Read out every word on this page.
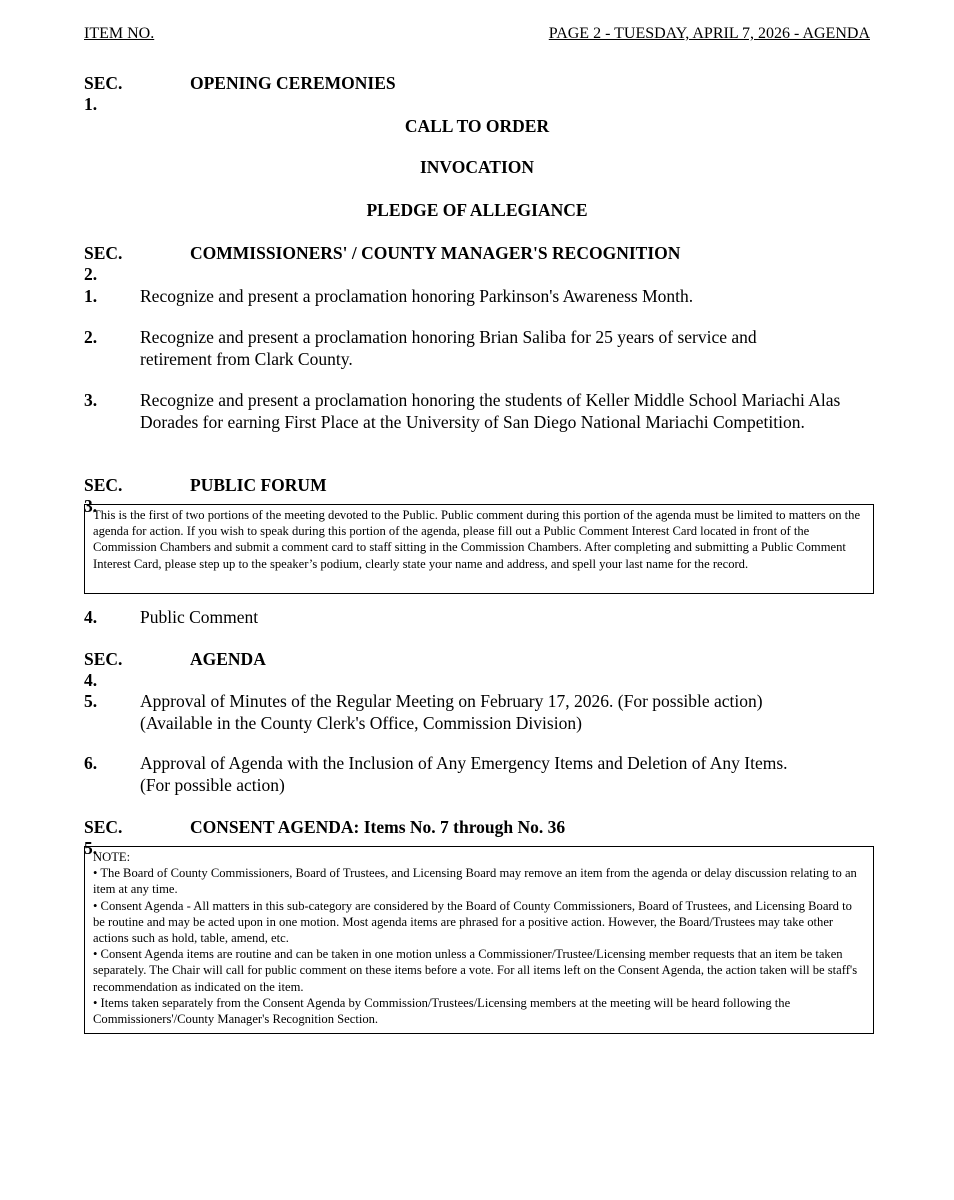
ITEM NO.	PAGE 2 - TUESDAY, APRIL 7, 2026 - AGENDA
SEC. 1.
OPENING CEREMONIES
CALL TO ORDER
INVOCATION
PLEDGE OF ALLEGIANCE
SEC. 2.
COMMISSIONERS' / COUNTY MANAGER'S RECOGNITION
1. Recognize and present a proclamation honoring Parkinson's Awareness Month.
2. Recognize and present a proclamation honoring Brian Saliba for 25 years of service and retirement from Clark County.
3. Recognize and present a proclamation honoring the students of Keller Middle School Mariachi Alas Dorades for earning First Place at the University of San Diego National Mariachi Competition.
SEC. 3.
PUBLIC FORUM

This is the first of two portions of the meeting devoted to the Public. Public comment during this portion of the agenda must be limited to matters on the agenda for action. If you wish to speak during this portion of the agenda, please fill out a Public Comment Interest Card located in front of the Commission Chambers and submit a comment card to staff sitting in the Commission Chambers. After completing and submitting a Public Comment Interest Card, please step up to the speaker’s podium, clearly state your name and address, and spell your last name for the record.

4. Public Comment
SEC. 4.
AGENDA
5. Approval of Minutes of the Regular Meeting on February 17, 2026. (For possible action)
(Available in the County Clerk's Office, Commission Division)
6. Approval of Agenda with the Inclusion of Any Emergency Items and Deletion of Any Items.
(For possible action)
SEC. 5.
CONSENT AGENDA: Items No. 7 through No. 36

NOTE:

• The Board of County Commissioners, Board of Trustees, and Licensing Board may remove an item from the agenda or delay discussion relating to an item at any time.

• Consent Agenda - All matters in this sub-category are considered by the Board of County Commissioners, Board of Trustees, and Licensing Board to be routine and may be acted upon in one motion. Most agenda items are phrased for a positive action. However, the Board/Trustees may take other actions such as hold, table, amend, etc.

• Consent Agenda items are routine and can be taken in one motion unless a Commissioner/Trustee/Licensing member requests that an item be taken separately. The Chair will call for public comment on these items before a vote. For all items left on the Consent Agenda, the action taken will be staff's recommendation as indicated on the item.

• Items taken separately from the Consent Agenda by Commission/Trustees/Licensing members at the meeting will be heard following the Commissioners'/County Manager's Recognition Section.
